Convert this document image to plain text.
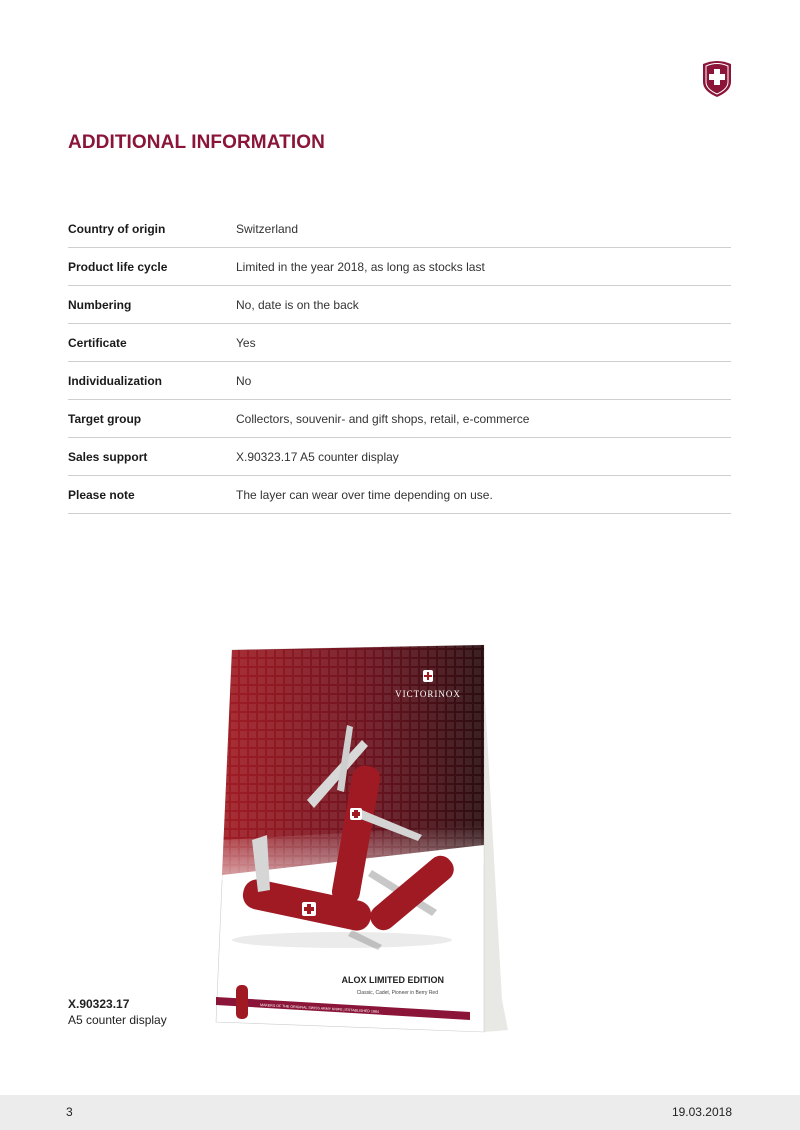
ADDITIONAL INFORMATION
Country of origin	Switzerland
Product life cycle	Limited in the year 2018, as long as stocks last
Numbering	No, date is on the back
Certificate	Yes
Individualization	No
Target group	Collectors, souvenir- and gift shops, retail, e-commerce
Sales support	X.90323.17 A5 counter display
Please note	The layer can wear over time depending on use.
VICTORINOX
ALOX LIMITED EDITION
Classic, Cadet, Pioneer in Berry Red
MAKERS OF THE ORIGINAL SWISS ARMY KNIFE | ESTABLISHED 1884
X.90323.17
A5 counter display
3	19.03.2018
